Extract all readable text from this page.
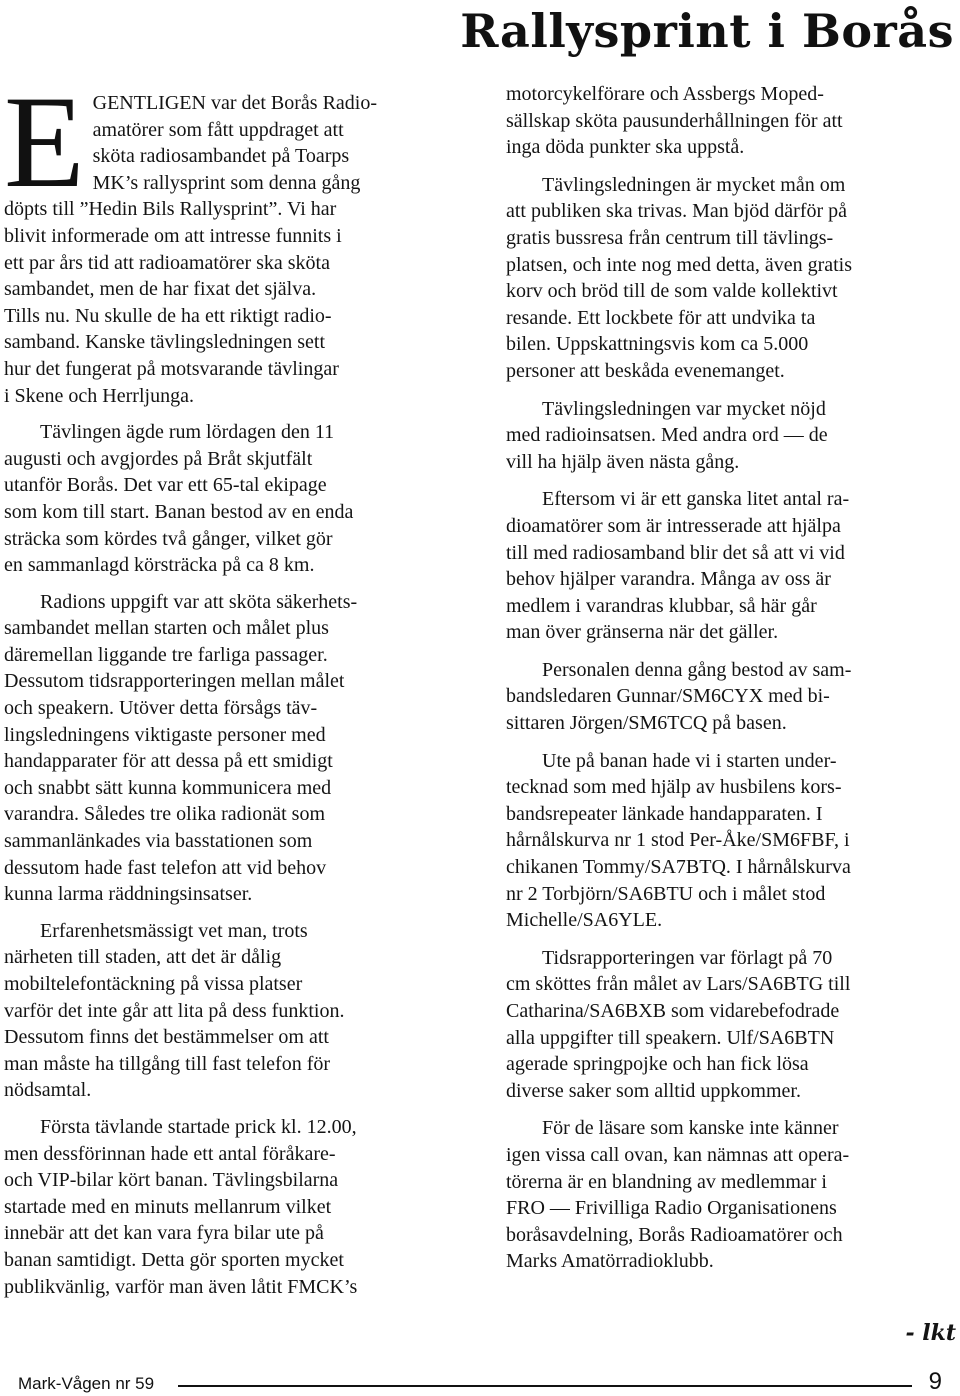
Rallysprint i Borås

E GENTLIGEN var det Borås Radio-
amatörer som fått uppdraget att
sköta radiosambandet på Toarps
MK’s rallysprint som denna gång
döpts till ”Hedin Bils Rallysprint”. Vi har
blivit informerade om att intresse funnits i
ett par års tid att radioamatörer ska sköta
sambandet, men de har fixat det själva.
Tills nu. Nu skulle de ha ett riktigt radio-
samband. Kanske tävlingsledningen sett
hur det fungerat på motsvarande tävlingar
i Skene och Herrljunga.

Tävlingen ägde rum lördagen den 11
augusti och avgjordes på Bråt skjutfält
utanför Borås. Det var ett 65-tal ekipage
som kom till start. Banan bestod av en enda
sträcka som kördes två gånger, vilket gör
en sammanlagd körsträcka på ca 8 km.

Radions uppgift var att sköta säkerhets-
sambandet mellan starten och målet plus
däremellan liggande tre farliga passager.
Dessutom tidsrapporteringen mellan målet
och speakern. Utöver detta försågs täv-
lingsledningens viktigaste personer med
handapparater för att dessa på ett smidigt
och snabbt sätt kunna kommunicera med
varandra. Således tre olika radionät som
sammanlänkades via basstationen som
dessutom hade fast telefon att vid behov
kunna larma räddningsinsatser.

Erfarenhetsmässigt vet man, trots
närheten till staden, att det är dålig
mobiltelefontäckning på vissa platser
varför det inte går att lita på dess funktion.
Dessutom finns det bestämmelser om att
man måste ha tillgång till fast telefon för
nödsamtal.

Första tävlande startade prick kl. 12.00,
men dessförinnan hade ett antal föråkare-
och VIP-bilar kört banan. Tävlingsbilarna
startade med en minuts mellanrum vilket
innebär att det kan vara fyra bilar ute på
banan samtidigt. Detta gör sporten mycket
publikvänlig, varför man även låtit FMCK’s

motorcykelförare och Assbergs Moped-
sällskap sköta pausunderhållningen för att
inga döda punkter ska uppstå.

Tävlingsledningen är mycket mån om
att publiken ska trivas. Man bjöd därför på
gratis bussresa från centrum till tävlings-
platsen, och inte nog med detta, även gratis
korv och bröd till de som valde kollektivt
resande. Ett lockbete för att undvika ta
bilen. Uppskattningsvis kom ca 5.000
personer att beskåda evenemanget.

Tävlingsledningen var mycket nöjd
med radioinsatsen. Med andra ord — de
vill ha hjälp även nästa gång.

Eftersom vi är ett ganska litet antal ra-
dioamatörer som är intresserade att hjälpa
till med radiosamband blir det så att vi vid
behov hjälper varandra. Många av oss är
medlem i varandras klubbar, så här går
man över gränserna när det gäller.

Personalen denna gång bestod av sam-
bandsledaren Gunnar/SM6CYX med bi-
sittaren Jörgen/SM6TCQ på basen.

Ute på banan hade vi i starten under-
tecknad som med hjälp av husbilens kors-
bandsrepeater länkade handapparaten. I
hårnålskurva nr 1 stod Per-Åke/SM6FBF, i
chikanen Tommy/SA7BTQ. I hårnålskurva
nr 2 Torbjörn/SA6BTU och i målet stod
Michelle/SA6YLE.

Tidsrapporteringen var förlagt på 70
cm sköttes från målet av Lars/SA6BTG till
Catharina/SA6BXB som vidarebefodrade
alla uppgifter till speakern. Ulf/SA6BTN
agerade springpojke och han fick lösa
diverse saker som alltid uppkommer.

För de läsare som kanske inte känner
igen vissa call ovan, kan nämnas att opera-
törerna är en blandning av medlemmar i
FRO — Frivilliga Radio Organisationens
boråsavdelning, Borås Radioamatörer och
Marks Amatörradioklubb.

- lkt

Mark-Vågen nr 59	9
